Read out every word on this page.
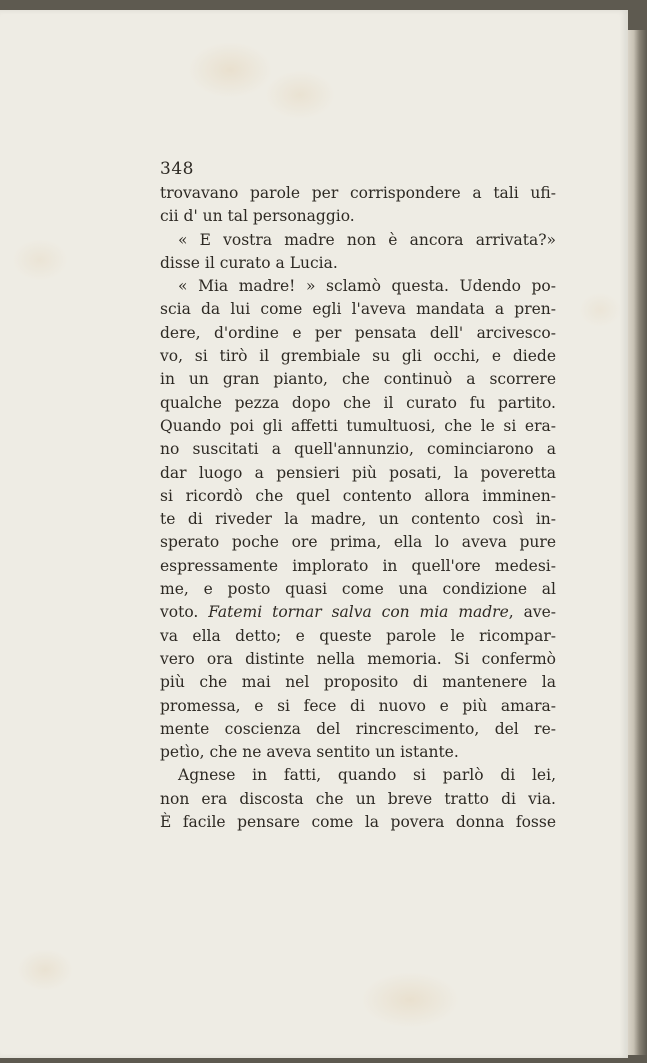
348
trovavano parole per corrispondere a tali ufi-
cii d' un tal personaggio.
« E vostra madre non è ancora arrivata?»
disse il curato a Lucia.
« Mia madre! » sclamò questa. Udendo po-
scia da lui come egli l'aveva mandata a pren-
dere, d'ordine e per pensata dell' arcivesco-
vo, si tirò il grembiale su gli occhi, e diede
in un gran pianto, che continuò a scorrere
qualche pezza dopo che il curato fu partito.
Quando poi gli affetti tumultuosi, che le si era-
no suscitati a quell'annunzio, cominciarono a
dar luogo a pensieri più posati, la poveretta
si ricordò che quel contento allora imminen-
te di riveder la madre, un contento così in-
sperato poche ore prima, ella lo aveva pure
espressamente implorato in quell'ore medesi-
me, e posto quasi come una condizione al
voto. Fatemi tornar salva con mia madre, ave-
va ella detto; e queste parole le ricompar-
vero ora distinte nella memoria. Si confermò
più che mai nel proposito di mantenere la
promessa, e si fece di nuovo e più amara-
mente coscienza del rincrescimento, del re-
petìo, che ne aveva sentito un istante.
Agnese in fatti, quando si parlò di lei,
non era discosta che un breve tratto di via.
È facile pensare come la povera donna fosse
